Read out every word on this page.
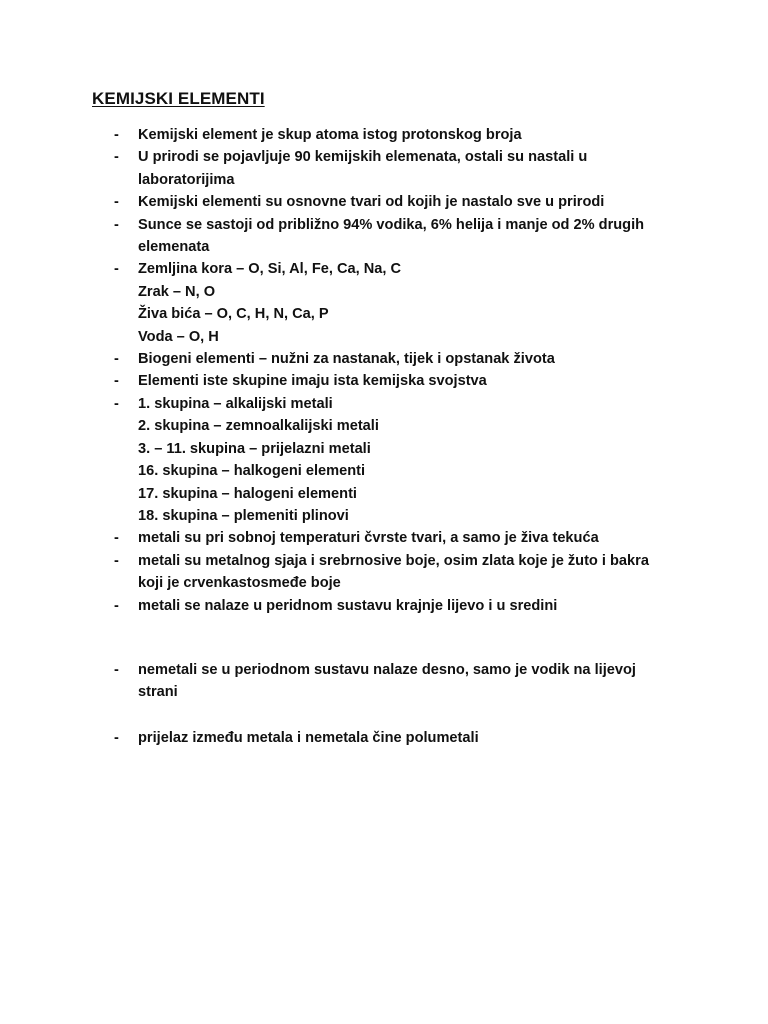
KEMIJSKI ELEMENTI
- Kemijski element je skup atoma istog protonskog broja
- U prirodi se pojavljuje 90 kemijskih elemenata, ostali su nastali u
laboratorijima
- Kemijski elementi su osnovne tvari od kojih je nastalo sve u prirodi
- Sunce se sastoji od približno 94% vodika, 6% helija i manje od 2% drugih
elemenata
- Zemljina kora – O, Si, Al, Fe, Ca, Na, C
Zrak – N, O
Živa bića – O, C, H, N, Ca, P
Voda – O, H
- Biogeni elementi – nužni za nastanak, tijek i opstanak života
- Elementi iste skupine imaju ista kemijska svojstva
- 1. skupina – alkalijski metali
2. skupina – zemnoalkalijski metali
3. – 11. skupina – prijelazni metali
16. skupina – halkogeni elementi
17. skupina – halogeni elementi
18. skupina – plemeniti plinovi
- metali su pri sobnoj temperaturi čvrste tvari, a samo je živa tekuća
- metali su metalnog sjaja i srebrnosive boje, osim zlata koje je žuto i bakra
koji je crvenkastosmeđe boje
- metali se nalaze u peridnom sustavu krajnje lijevo i u sredini
- nemetali se u periodnom sustavu nalaze desno, samo je vodik na lijevoj
strani
- prijelaz između metala i nemetala čine polumetali
